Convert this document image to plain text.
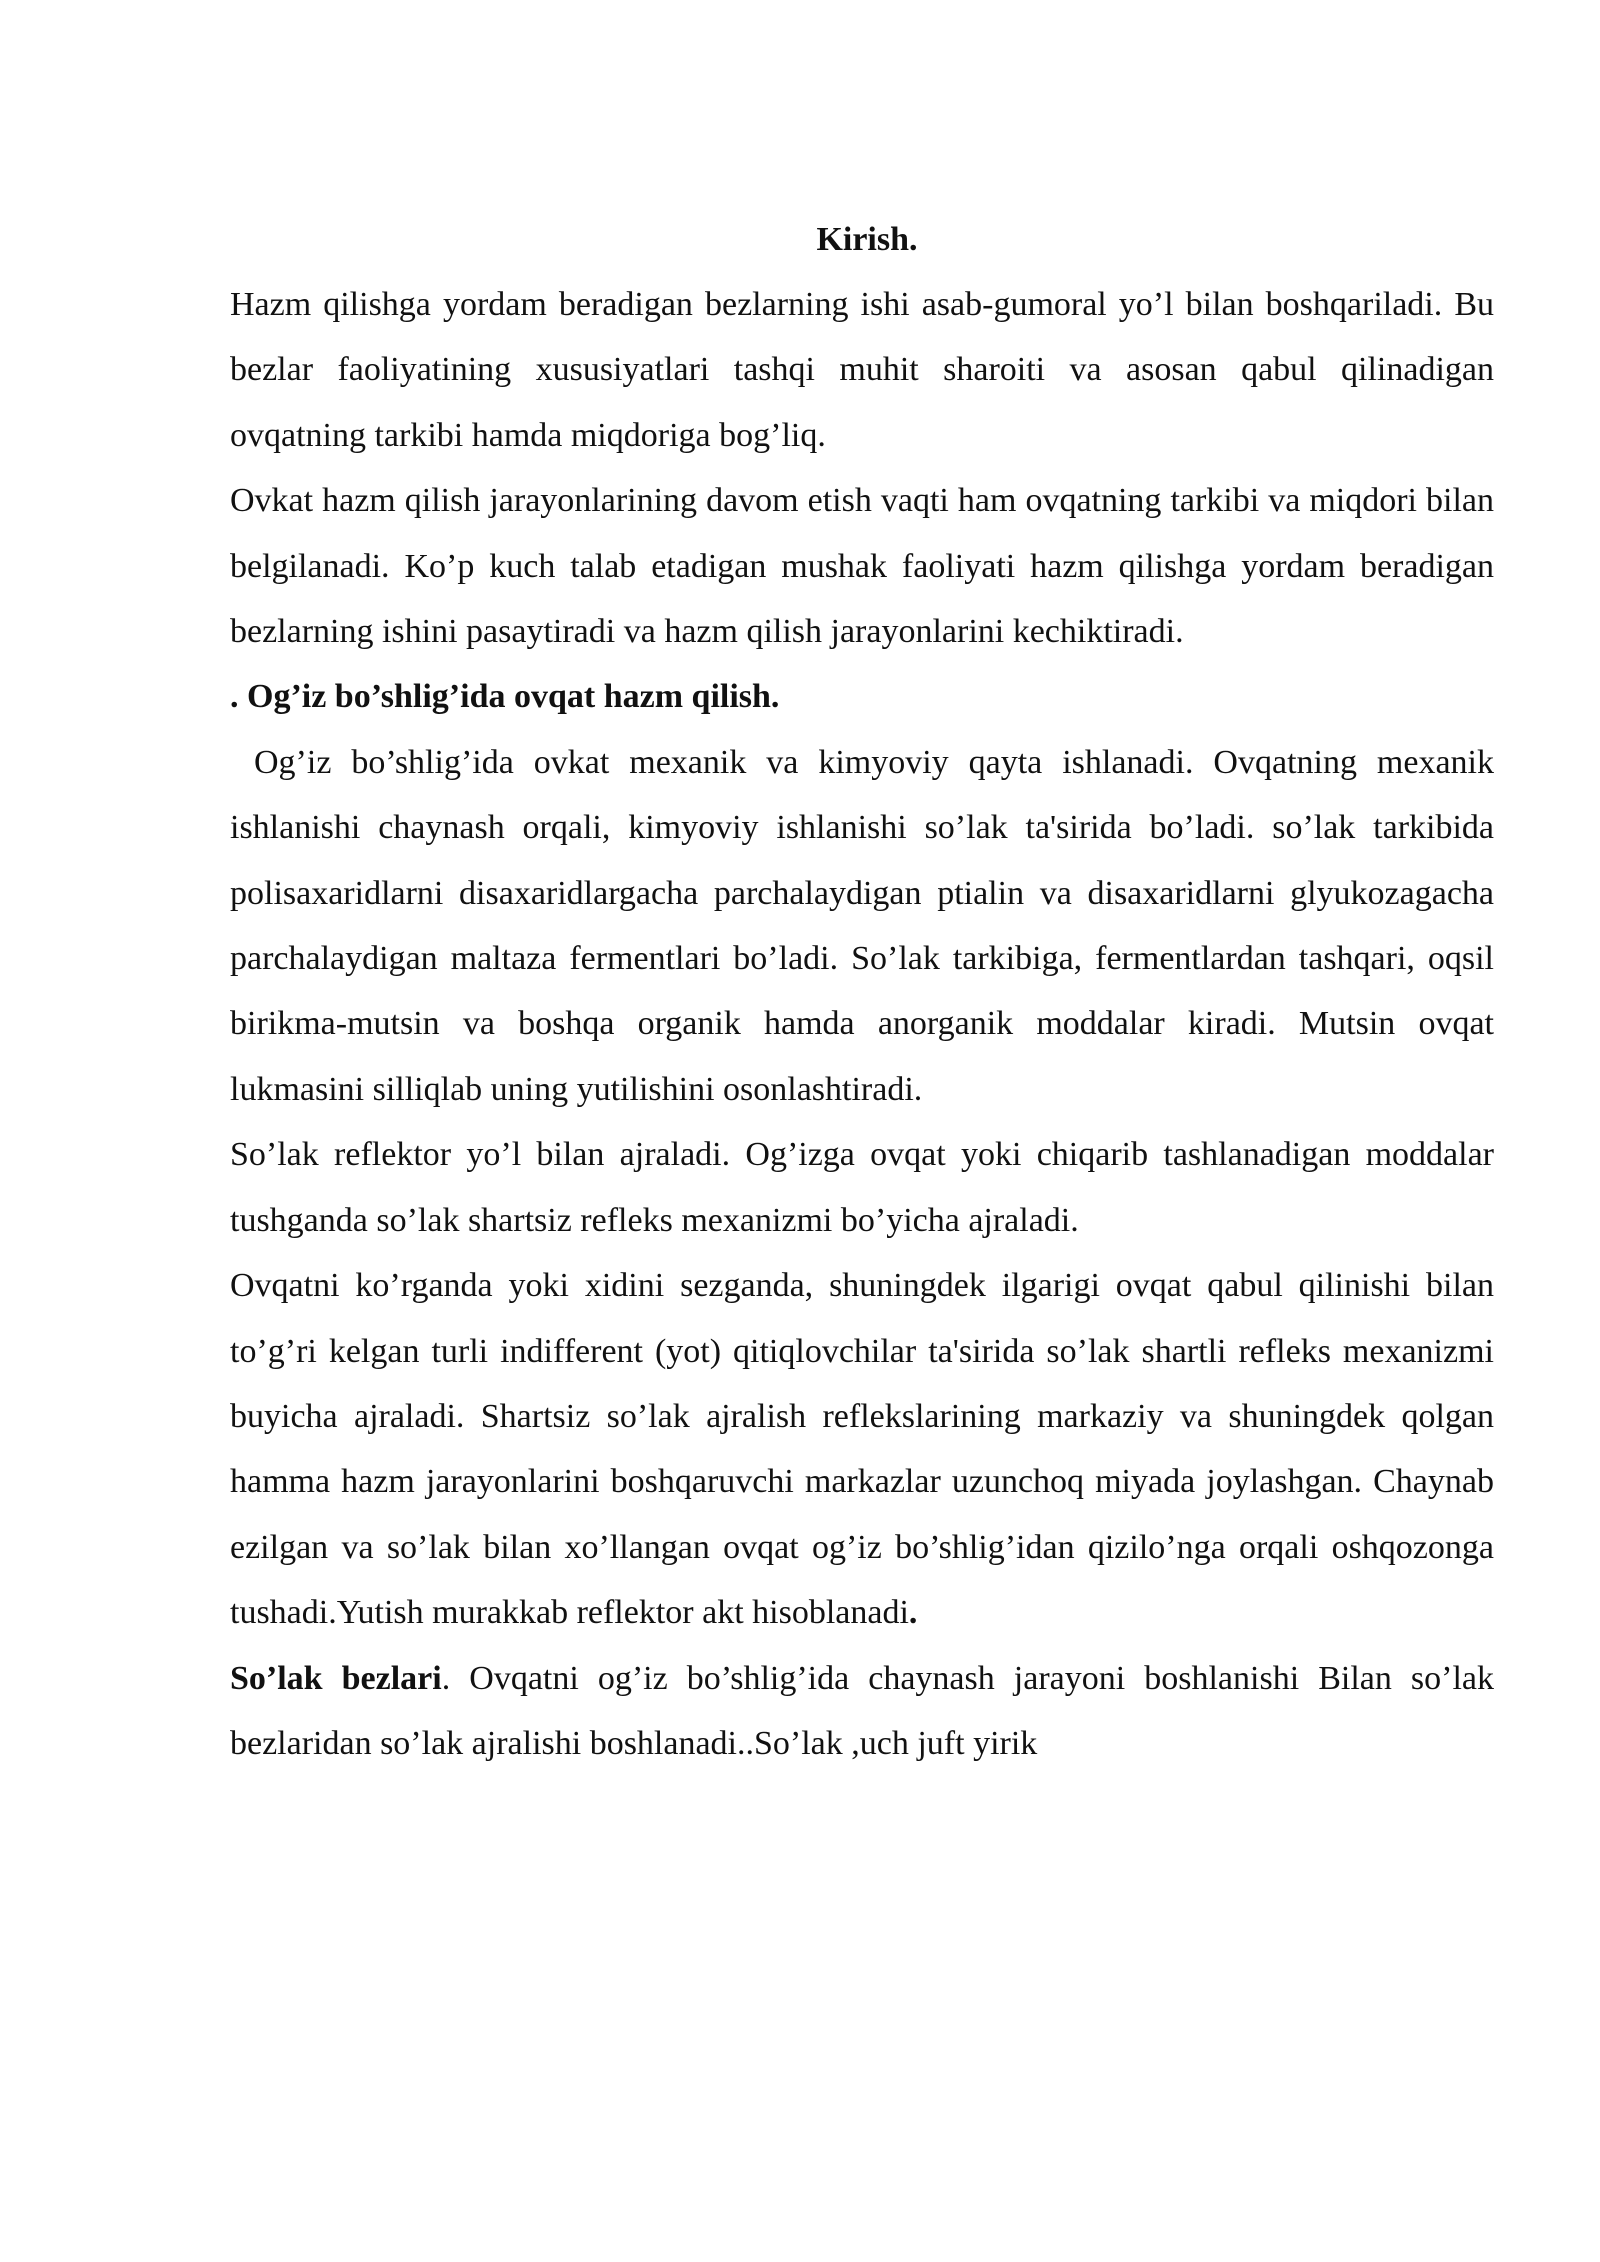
Kirish.

Hazm qilishga yordam beradigan bezlarning ishi asab-gumoral yo’l bilan boshqariladi. Bu bezlar faoliyatining xususiyatlari tashqi muhit sharoiti va asosan qabul qilinadigan ovqatning tarkibi hamda miqdoriga bog’liq.

Ovkat hazm qilish jarayonlarining davom etish vaqti ham ovqatning tarkibi va miqdori bilan belgilanadi. Ko’p kuch talab etadigan mushak faoliyati hazm qilishga yordam beradigan bezlarning ishini pasaytiradi va hazm qilish jarayonlarini kechiktiradi.

. Og’iz bo’shlig’ida ovqat hazm qilish.

Og’iz bo’shlig’ida ovkat mexanik va kimyoviy qayta ishlanadi. Ovqatning mexanik ishlanishi chaynash orqali, kimyoviy ishlanishi so’lak ta'sirida bo’ladi. so’lak tarkibida polisaxaridlarni disaxaridlargacha parchalaydigan ptialin va disaxaridlarni glyukozagacha parchalaydigan maltaza fermentlari bo’ladi. So’lak tarkibiga, fermentlardan tashqari, oqsil birikma-mutsin va boshqa organik hamda anorganik moddalar kiradi. Mutsin ovqat lukmasini silliqlab uning yutilishini osonlashtiradi.

So’lak reflektor yo’l bilan ajraladi. Og’izga ovqat yoki chiqarib tashlanadigan moddalar tushganda so’lak shartsiz refleks mexanizmi bo’yicha ajraladi.

Ovqatni ko’rganda yoki xidini sezganda, shuningdek ilgarigi ovqat qabul qilinishi bilan to’g’ri kelgan turli indifferent (yot) qitiqlovchilar ta'sirida so’lak shartli refleks mexanizmi buyicha ajraladi. Shartsiz so’lak ajralish reflekslarining markaziy va shuningdek qolgan hamma hazm jarayonlarini boshqaruvchi markazlar uzunchoq miyada joylashgan. Chaynab ezilgan va so’lak bilan xo’llangan ovqat og’iz bo’shlig’idan qizilo’nga orqali oshqozonga tushadi.Yutish murakkab reflektor akt hisoblanadi.

So’lak bezlari. Ovqatni og’iz bo’shlig’ida chaynash jarayoni boshlanishi Bilan so’lak bezlaridan so’lak ajralishi boshlanadi..So’lak ,uch juft yirik
